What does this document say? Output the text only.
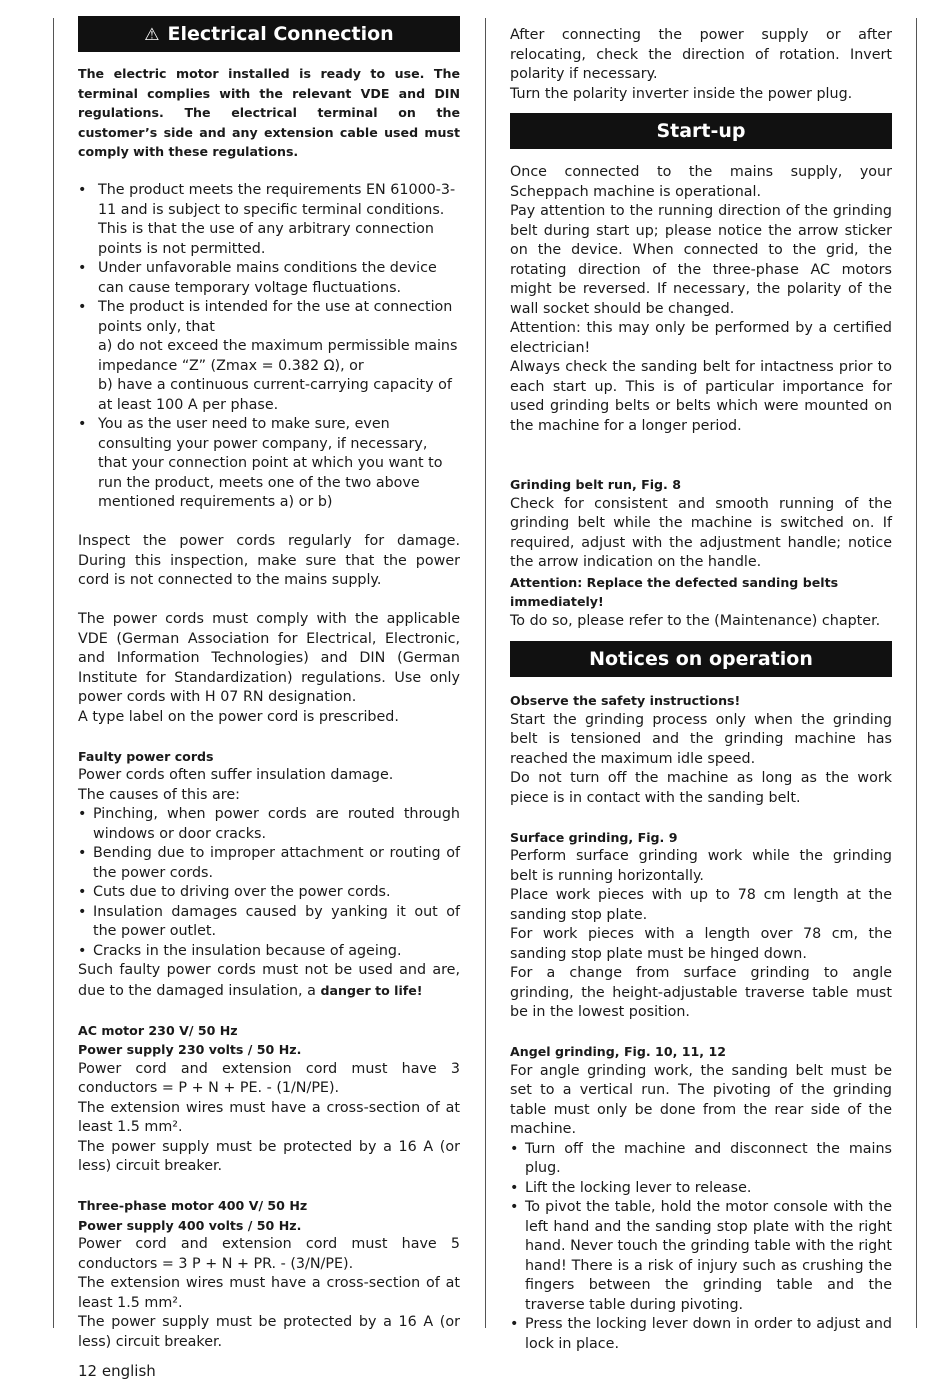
⚠ Electrical Connection

The electric motor installed is ready to use. The terminal complies with the relevant VDE and DIN regulations. The electrical terminal on the customer’s side and any extension cable used must comply with these regulations.

• The product meets the requirements EN 61000-3-11 and is subject to specific terminal conditions. This is that the use of any arbitrary connection points is not permitted.
• Under unfavorable mains conditions the device can cause temporary voltage fluctuations.
• The product is intended for the use at connection points only, that
a) do not exceed the maximum permissible mains impedance “Z” (Zmax = 0.382 Ω), or
b) have a continuous current-carrying capacity of at least 100 A per phase.
• You as the user need to make sure, even consulting your power company, if necessary, that your connection point at which you want to run the product, meets one of the two above mentioned requirements a) or b)

Inspect the power cords regularly for damage. During this inspection, make sure that the power cord is not connected to the mains supply.

The power cords must comply with the applicable VDE (German Association for Electrical, Electronic, and Information Technologies) and DIN (German Institute for Standardization) regulations. Use only power cords with H 07 RN designation.

A type label on the power cord is prescribed.

Faulty power cords

Power cords often suffer insulation damage.

The causes of this are:

• Pinching, when power cords are routed through windows or door cracks.
• Bending due to improper attachment or routing of the power cords.
• Cuts due to driving over the power cords.
• Insulation damages caused by yanking it out of the power outlet.
• Cracks in the insulation because of ageing.

Such faulty power cords must not be used and are, due to the damaged insulation, a danger to life!

AC motor 230 V/ 50 Hz

Power supply 230 volts / 50 Hz.

Power cord and extension cord must have 3 conductors = P + N + PE. - (1/N/PE).

The extension wires must have a cross-section of at least 1.5 mm².

The power supply must be protected by a 16 A (or less) circuit breaker.

Three-phase motor 400 V/ 50 Hz

Power supply 400 volts / 50 Hz.

Power cord and extension cord must have 5 conductors = 3 P + N + PR. - (3/N/PE).

The extension wires must have a cross-section of at least 1.5 mm².

The power supply must be protected by a 16 A (or less) circuit breaker.

After connecting the power supply or after relocating, check the direction of rotation. Invert polarity if necessary.

Turn the polarity inverter inside the power plug.

Start-up

Once connected to the mains supply, your Scheppach machine is operational.

Pay attention to the running direction of the grinding belt during start up; please notice the arrow sticker on the device. When connected to the grid, the rotating direction of the three-phase AC motors might be reversed. If necessary, the polarity of the wall socket should be changed.

Attention: this may only be performed by a certified electrician!

Always check the sanding belt for intactness prior to each start up. This is of particular importance for used grinding belts or belts which were mounted on the machine for a longer period.

Grinding belt run, Fig. 8

Check for consistent and smooth running of the grinding belt while the machine is switched on. If required, adjust with the adjustment handle; notice the arrow indication on the handle.

Attention: Replace the defected sanding belts immediately!

To do so, please refer to the (Maintenance) chapter.

Notices on operation

Observe the safety instructions!

Start the grinding process only when the grinding belt is tensioned and the grinding machine has reached the maximum idle speed.

Do not turn off the machine as long as the work piece is in contact with the sanding belt.

Surface grinding, Fig. 9

Perform surface grinding work while the grinding belt is running horizontally.

Place work pieces with up to 78 cm length at the sanding stop plate.

For work pieces with a length over 78 cm, the sanding stop plate must be hinged down.

For a change from surface grinding to angle grinding, the height-adjustable traverse table must be in the lowest position.

Angel grinding, Fig. 10, 11, 12

For angle grinding work, the sanding belt must be set to a vertical run. The pivoting of the grinding table must only be done from the rear side of the machine.

• Turn off the machine and disconnect the mains plug.
• Lift the locking lever to release.
• To pivot the table, hold the motor console with the left hand and the sanding stop plate with the right hand. Never touch the grinding table with the right hand! There is a risk of injury such as crushing the fingers between the grinding table and the traverse table during pivoting.
• Press the locking lever down in order to adjust and lock in place.
12 english
